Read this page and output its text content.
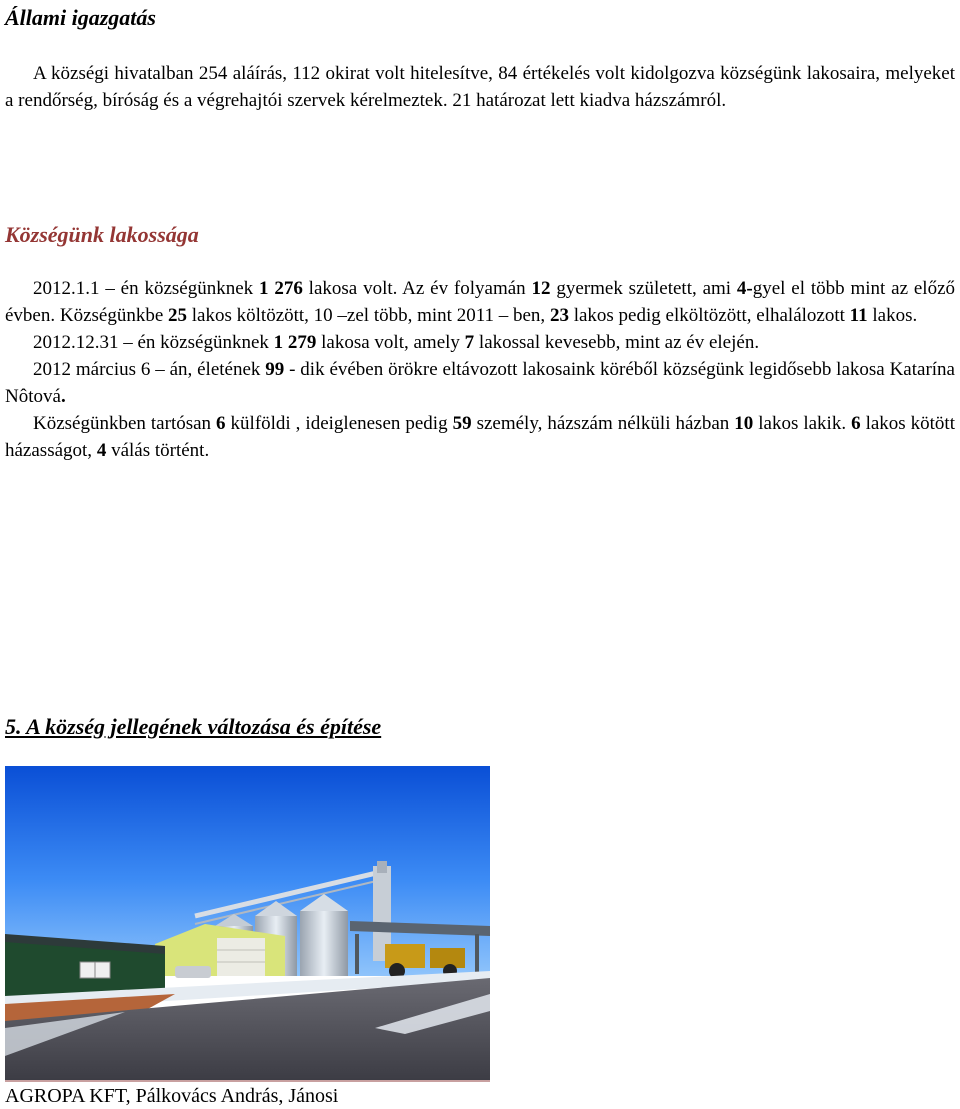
Állami igazgatás

A községi hivatalban 254 aláírás, 112 okirat volt hitelesítve, 84 értékelés volt kidolgozva községünk lakosaira, melyeket a rendőrség, bíróság és a végrehajtói szervek kérelmeztek. 21 határozat lett kiadva házszámról.

Községünk lakossága

2012.1.1 – én községünknek 1 276 lakosa volt. Az év folyamán 12 gyermek született, ami 4-gyel el több mint az előző évben. Községünkbe 25 lakos költözött, 10 –zel több, mint 2011 – ben, 23 lakos pedig elköltözött, elhalálozott 11 lakos.

2012.12.31 – én községünknek 1 279 lakosa volt, amely 7 lakossal kevesebb, mint az év elején.

2012 március 6 – án, életének 99 - dik évében örökre eltávozott lakosaink köréből községünk legidősebb lakosa Katarína Nôtová.

Községünkben tartósan 6 külföldi , ideiglenesen pedig 59 személy, házszám nélküli házban 10 lakos lakik. 6 lakos kötött házasságot, 4 válás történt.

5. A község jellegének változása és építése
AGROPA KFT, Pálkovács András, Jánosi
